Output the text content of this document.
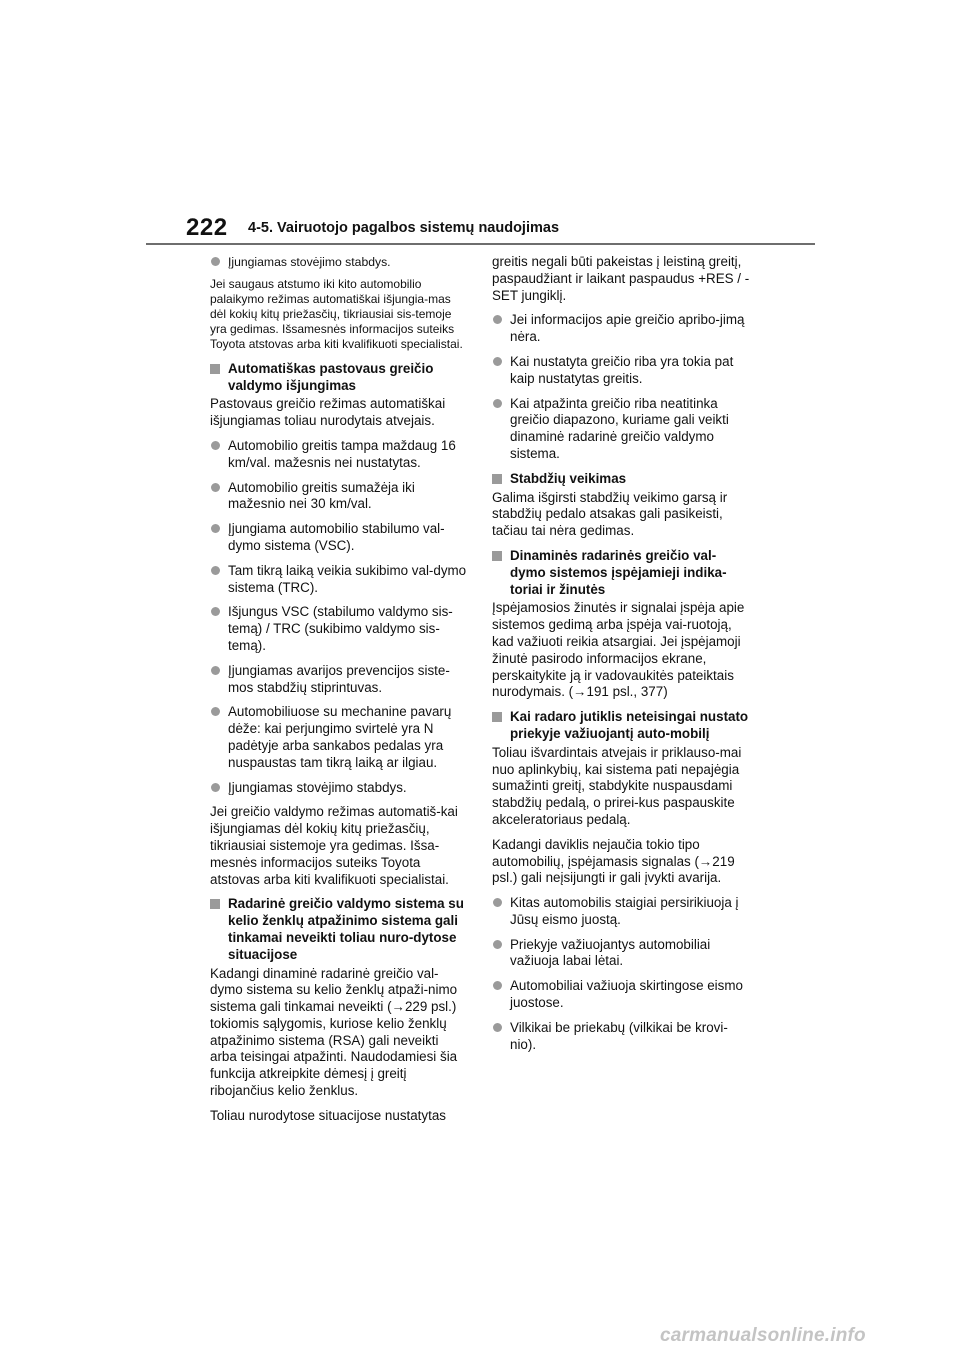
222 4-5. Vairuotojo pagalbos sistemų naudojimas
Įjungiamas stovėjimo stabdys.
Jei saugaus atstumo iki kito automobilio palaikymo režimas automatiškai išjungia-mas dėl kokių kitų priežasčių, tikriausiai sis-temoje yra gedimas. Išsamesnės informacijos suteiks Toyota atstovas arba kiti kvalifikuoti specialistai.
Automatiškas pastovaus greičio valdymo išjungimas
Pastovaus greičio režimas automatiškai išjungiamas toliau nurodytais atvejais.
Automobilio greitis tampa maždaug 16 km/val. mažesnis nei nustatytas.
Automobilio greitis sumažėja iki mažesnio nei 30 km/val.
Įjungiama automobilio stabilumo val-dymo sistema (VSC).
Tam tikrą laiką veikia sukibimo val-dymo sistema (TRC).
Išjungus VSC (stabilumo valdymo sis-temą) / TRC (sukibimo valdymo sis-temą).
Įjungiamas avarijos prevencijos siste-mos stabdžių stiprintuvas.
Automobiliuose su mechanine pavarų dėže: kai perjungimo svirtelė yra N padėtyje arba sankabos pedalas yra nuspaustas tam tikrą laiką ar ilgiau.
Įjungiamas stovėjimo stabdys.
Jei greičio valdymo režimas automatiš-kai išjungiamas dėl kokių kitų priežasčių, tikriausiai sistemoje yra gedimas. Išsa-mesnės informacijos suteiks Toyota atstovas arba kiti kvalifikuoti specialistai.
Radarinė greičio valdymo sistema su kelio ženklų atpažinimo sistema gali tinkamai neveikti toliau nuro-dytose situacijose
Kadangi dinaminė radarinė greičio val-dymo sistema su kelio ženklų atpaži-nimo sistema gali tinkamai neveikti (→229 psl.) tokiomis sąlygomis, kuriose kelio ženklų atpažinimo sistema (RSA) gali neveikti arba teisingai atpažinti. Naudodamiesi šia funkcija atkreipkite dėmesį į greitį ribojančius kelio ženklus.
Toliau nurodytose situacijose nustatytas
greitis negali būti pakeistas į leistiną greitį, paspaudžiant ir laikant paspaudus +RES / -SET jungiklį.
Jei informacijos apie greičio apribo-jimą nėra.
Kai nustatyta greičio riba yra tokia pat kaip nustatytas greitis.
Kai atpažinta greičio riba neatitinka greičio diapazono, kuriame gali veikti dinaminė radarinė greičio valdymo sistema.
Stabdžių veikimas
Galima išgirsti stabdžių veikimo garsą ir stabdžių pedalo atsakas gali pasikeisti, tačiau tai nėra gedimas.
Dinaminės radarinės greičio val-dymo sistemos įspėjamieji indika-toriai ir žinutės
Įspėjamosios žinutės ir signalai įspėja apie sistemos gedimą arba įspėja vai-ruotoją, kad važiuoti reikia atsargiai. Jei įspėjamoji žinutė pasirodo informacijos ekrane, perskaitykite ją ir vadovaukitės pateiktais nurodymais. (→191 psl., 377)
Kai radaro jutiklis neteisingai nustato priekyje važiuojantį auto-mobilį
Toliau išvardintais atvejais ir priklauso-mai nuo aplinkybių, kai sistema pati nepajėgia sumažinti greitį, stabdykite nuspausdami stabdžių pedalą, o prirei-kus paspauskite akceleratoriaus pedalą.
Kadangi daviklis nejaučia tokio tipo automobilių, įspėjamasis signalas (→219 psl.) gali neįsijungti ir gali įvykti avarija.
Kitas automobilis staigiai persirikiuoja į Jūsų eismo juostą.
Priekyje važiuojantys automobiliai važiuoja labai lėtai.
Automobiliai važiuoja skirtingose eismo juostose.
Vilkikai be priekabų (vilkikai be krovi-nio).
carmanualsonline.info
